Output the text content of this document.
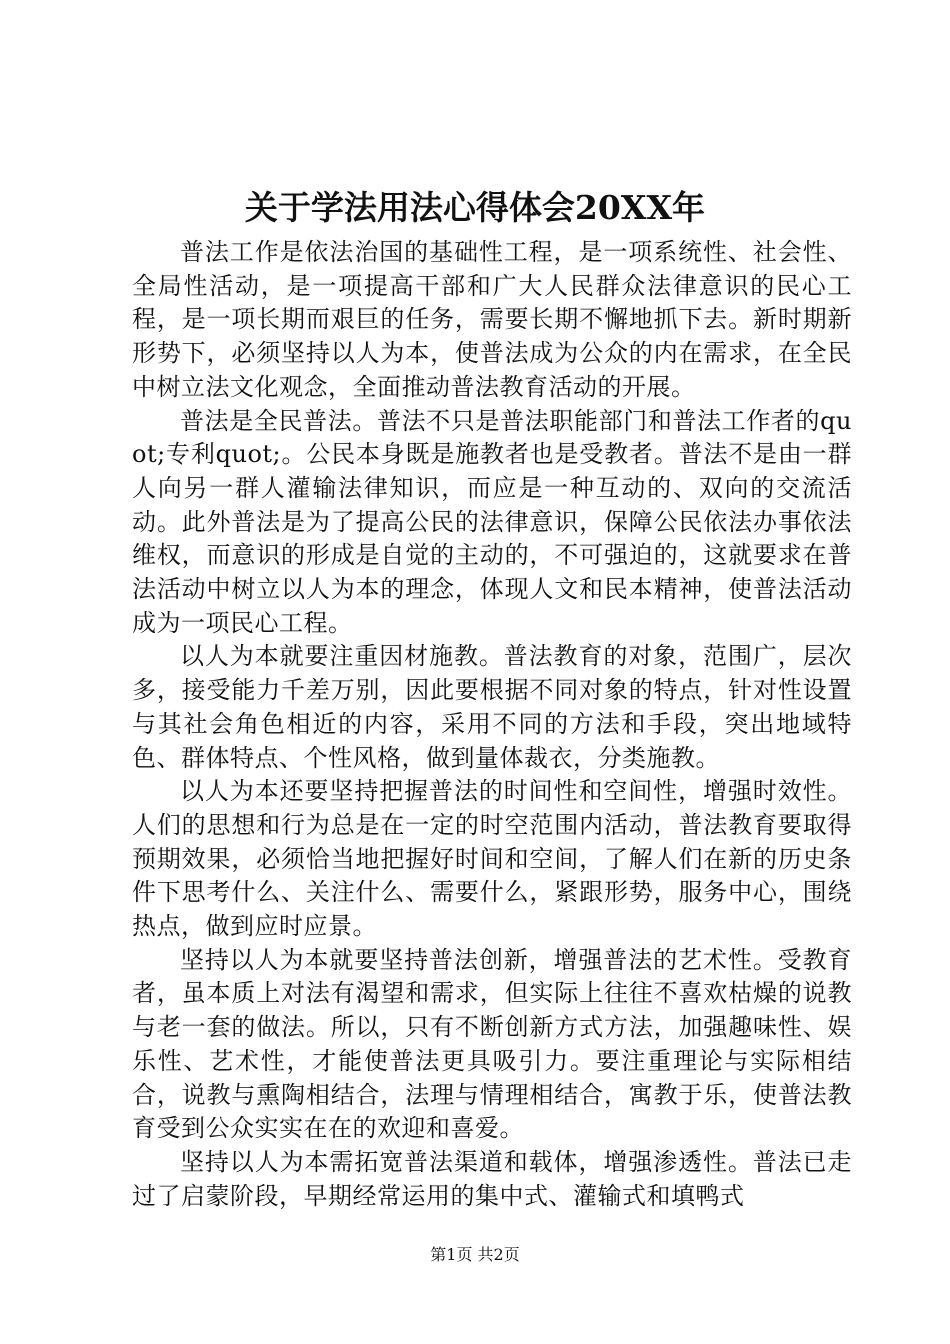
关于学法用法心得体会20XX年

普法工作是依法治国的基础性工程，是一项系统性、社会性、全局性活动，是一项提高干部和广大人民群众法律意识的民心工程，是一项长期而艰巨的任务，需要长期不懈地抓下去。新时期新形势下，必须坚持以人为本，使普法成为公众的内在需求，在全民中树立法文化观念，全面推动普法教育活动的开展。

普法是全民普法。普法不只是普法职能部门和普法工作者的quot;专利quot;。公民本身既是施教者也是受教者。普法不是由一群人向另一群人灌输法律知识，而应是一种互动的、双向的交流活动。此外普法是为了提高公民的法律意识，保障公民依法办事依法维权，而意识的形成是自觉的主动的，不可强迫的，这就要求在普法活动中树立以人为本的理念，体现人文和民本精神，使普法活动成为一项民心工程。

以人为本就要注重因材施教。普法教育的对象，范围广，层次多，接受能力千差万别，因此要根据不同对象的特点，针对性设置与其社会角色相近的内容，采用不同的方法和手段，突出地域特色、群体特点、个性风格，做到量体裁衣，分类施教。

以人为本还要坚持把握普法的时间性和空间性，增强时效性。人们的思想和行为总是在一定的时空范围内活动，普法教育要取得预期效果，必须恰当地把握好时间和空间，了解人们在新的历史条件下思考什么、关注什么、需要什么，紧跟形势，服务中心，围绕热点，做到应时应景。

坚持以人为本就要坚持普法创新，增强普法的艺术性。受教育者，虽本质上对法有渴望和需求，但实际上往往不喜欢枯燥的说教与老一套的做法。所以，只有不断创新方式方法，加强趣味性、娱乐性、艺术性，才能使普法更具吸引力。要注重理论与实际相结合，说教与熏陶相结合，法理与情理相结合，寓教于乐，使普法教育受到公众实实在在的欢迎和喜爱。

坚持以人为本需拓宽普法渠道和载体，增强渗透性。普法已走过了启蒙阶段，早期经常运用的集中式、灌输式和填鸭式

第1页 共2页
